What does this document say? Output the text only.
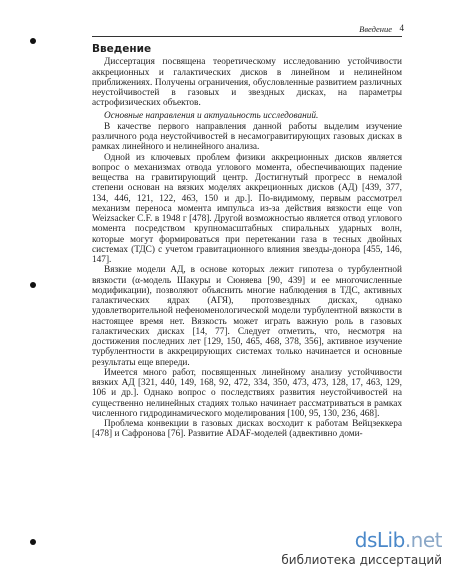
Введение 4
Введение

Диссертация посвящена теоретическому исследованию устойчивости аккреционных и галактических дисков в линейном и нелинейном приближениях. Получены ограничения, обусловленные развитием различных неустойчивостей в газовых и звездных дисках, на параметры астрофизических объектов.

Основные направления и актуальность исследований.

В качестве первого направления данной работы выделим изучение различного рода неустойчивостей в несамогравитирующих газовых дисках в рамках линейного и нелинейного анализа.

Одной из ключевых проблем физики аккреционных дисков является вопрос о механизмах отвода углового момента, обеспечивающих падение вещества на гравитирующий центр. Достигнутый прогресс в немалой степени основан на вязких моделях аккреционных дисков (АД) [439, 377, 134, 446, 121, 122, 463, 150 и др.]. По-видимому, первым рассмотрел механизм переноса момента импульса из-за действия вязкости еще von Weizsacker C.F. в 1948 г [478]. Другой возможностью является отвод углового момента посредством крупномасштабных спиральных ударных волн, которые могут формироваться при перетекании газа в тесных двойных системах (ТДС) с учетом гравитационного влияния звезды-донора [455, 146, 147].

Вязкие модели АД, в основе которых лежит гипотеза о турбулентной вязкости (α-модель Шакуры и Сюняева [90, 439] и ее многочисленные модификации), позволяют объяснить многие наблюдения в ТДС, активных галактических ядрах (АГЯ), протозвездных дисках, однако удовлетворительной нефеноменологической модели турбулентной вязкости в настоящее время нет. Вязкость может играть важную роль в газовых галактических дисках [14, 77]. Следует отметить, что, несмотря на достижения последних лет [129, 150, 465, 468, 378, 356], активное изучение турбулентности в аккрецирующих системах только начинается и основные результаты еще впереди.

Имеется много работ, посвященных линейному анализу устойчивости вязких АД [321, 440, 149, 168, 92, 472, 334, 350, 473, 473, 128, 17, 463, 129, 106 и др.]. Однако вопрос о последствиях развития неустойчивостей на существенно нелинейных стадиях только начинает рассматриваться в рамках численного гидродинамического моделирования [100, 95, 130, 236, 468].

Проблема конвекции в газовых дисках восходит к работам Вейцзеккера [478] и Сафронова [76]. Развитие ADAF-моделей (адвективно доми-

dsLib.net
библиотека диссертаций
